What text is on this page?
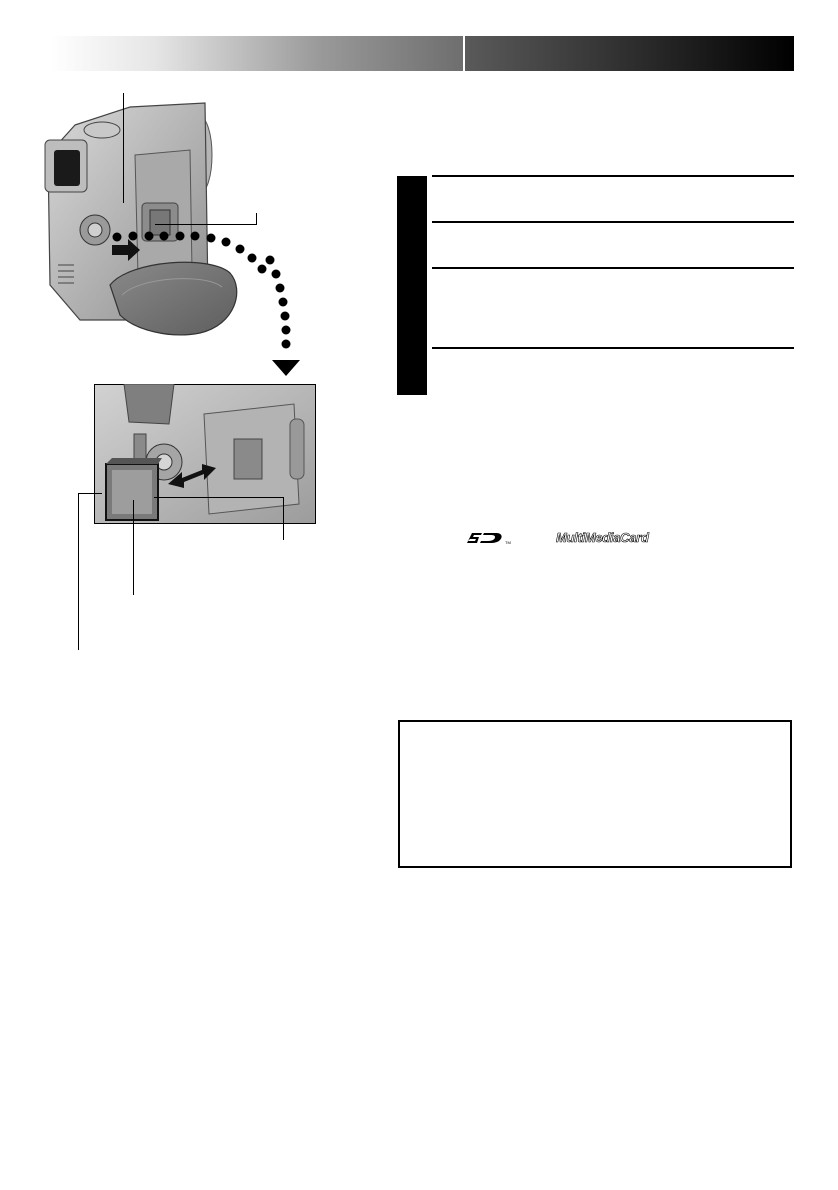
TM	MultiMediaCard
